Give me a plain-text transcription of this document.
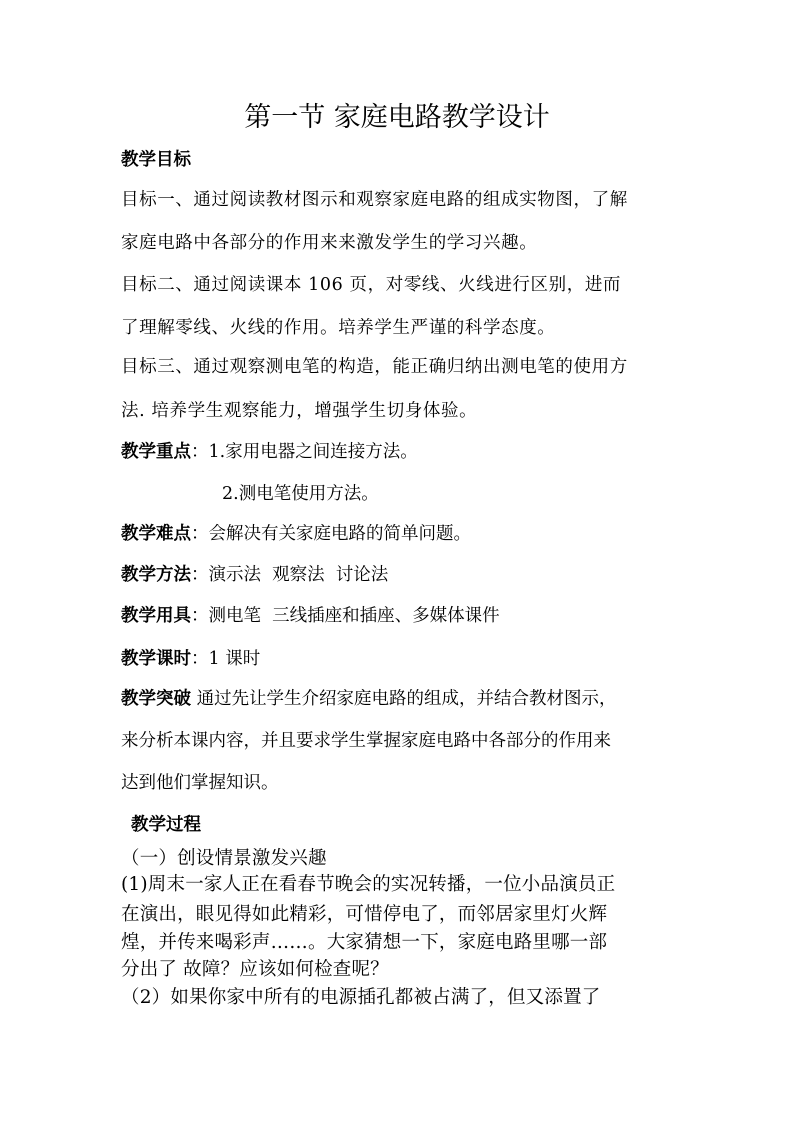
第一节 家庭电路教学设计
教学目标
目标一、通过阅读教材图示和观察家庭电路的组成实物图，了解
家庭电路中各部分的作用来来激发学生的学习兴趣。
目标二、通过阅读课本 106 页，对零线、火线进行区别，进而
了理解零线、火线的作用。培养学生严谨的科学态度。
目标三、通过观察测电笔的构造，能正确归纳出测电笔的使用方
法. 培养学生观察能力，增强学生切身体验。
教学重点：1.家用电器之间连接方法。
2.测电笔使用方法。
教学难点：会解决有关家庭电路的简单问题。
教学方法：演示法  观察法  讨论法
教学用具：测电笔  三线插座和插座、多媒体课件
教学课时：1 课时
教学突破 通过先让学生介绍家庭电路的组成，并结合教材图示，
来分析本课内容，并且要求学生掌握家庭电路中各部分的作用来
达到他们掌握知识。
教学过程
（一）创设情景激发兴趣
(1)周末一家人正在看春节晚会的实况转播，一位小品演员正
在演出，眼见得如此精彩，可惜停电了，而邻居家里灯火辉
煌，并传来喝彩声……。大家猜想一下，家庭电路里哪一部
分出了 故障？应该如何检查呢？
（2）如果你家中所有的电源插孔都被占满了，但又添置了
